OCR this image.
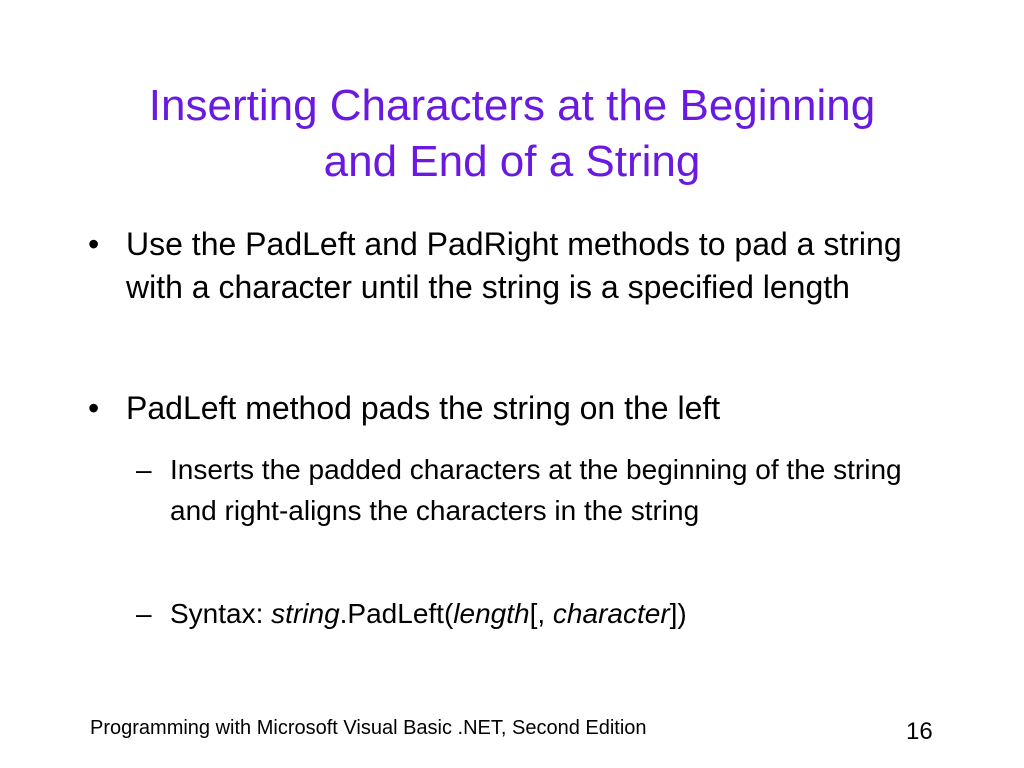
Inserting Characters at the Beginning
and End of a String
• Use the PadLeft and PadRight methods to pad a string with a character until the string is a specified length
• PadLeft method pads the string on the left
– Inserts the padded characters at the beginning of the string and right-aligns the characters in the string
– Syntax: string.PadLeft(length[, character])
Programming with Microsoft Visual Basic .NET, Second Edition	16
